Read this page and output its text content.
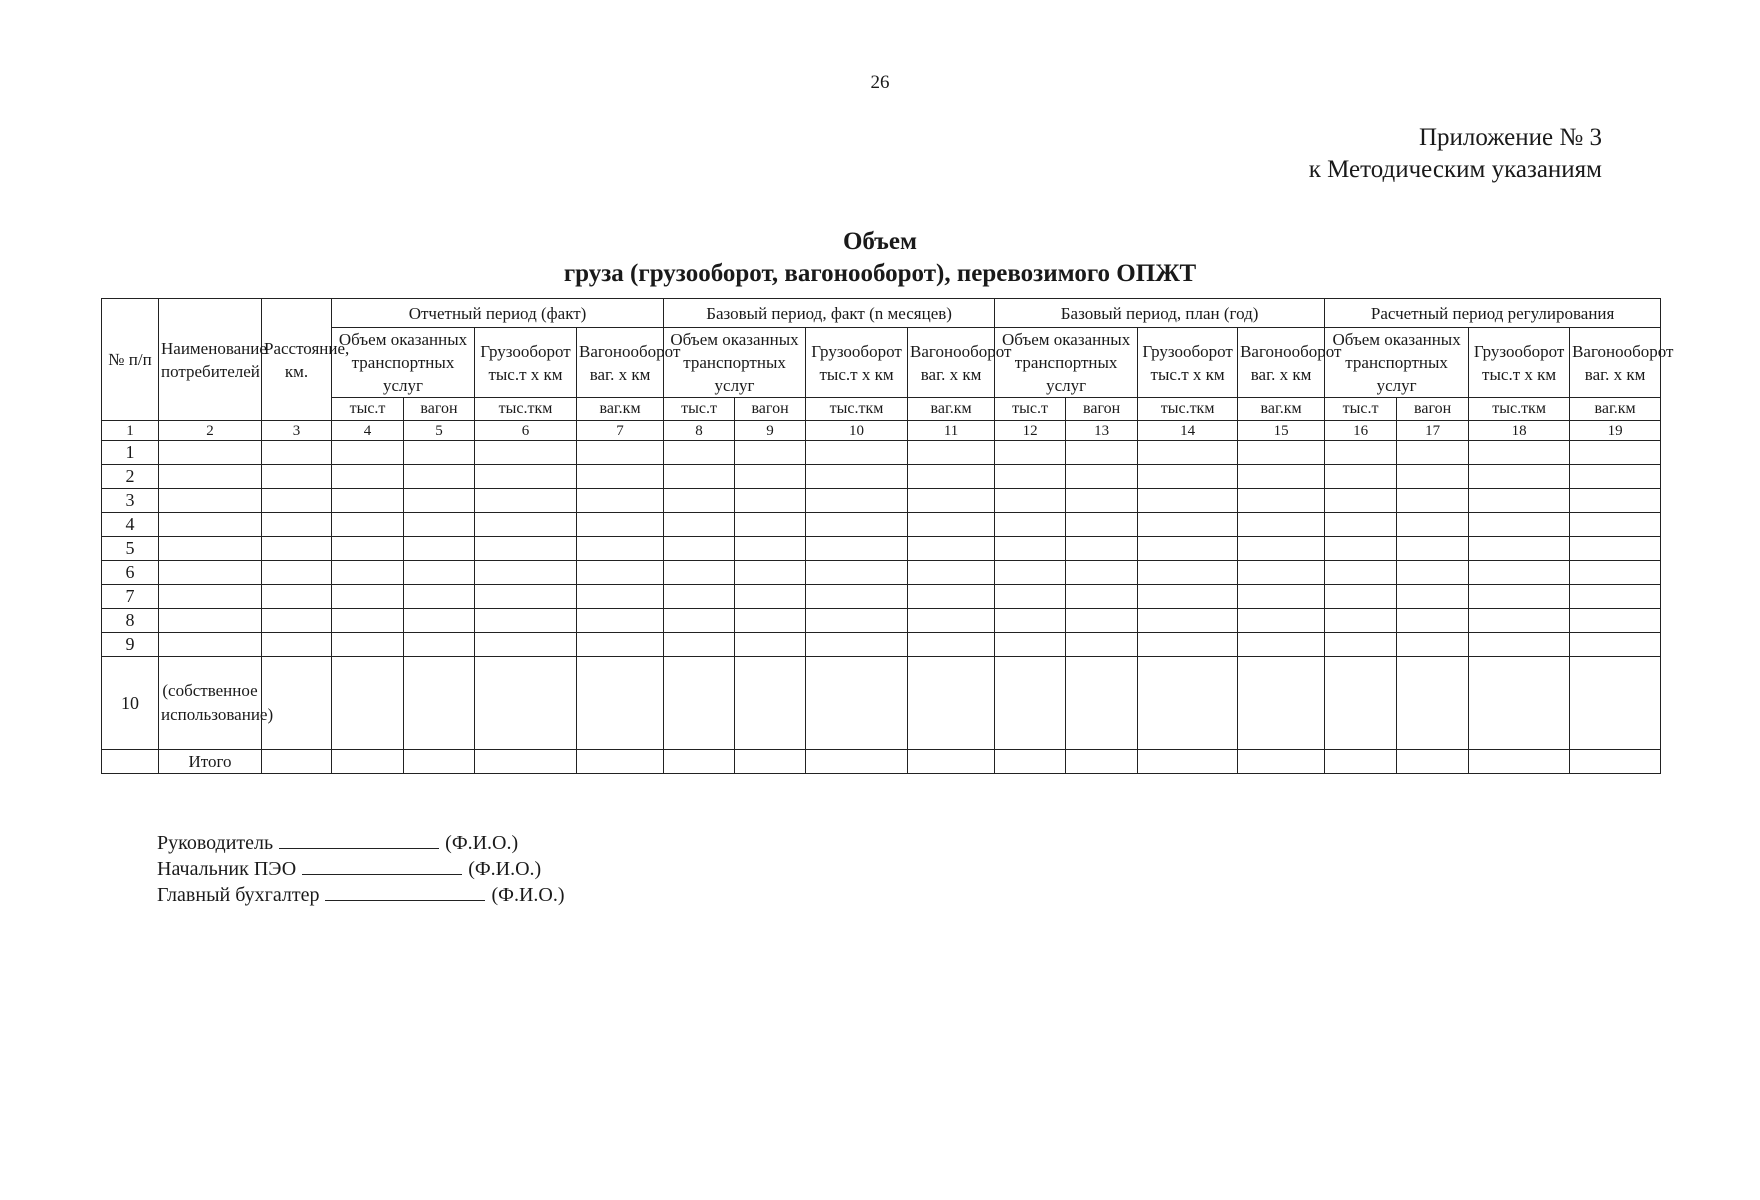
26
Приложение № 3
к Методическим указаниям
Объем
груза (грузооборот, вагонооборот), перевозимого ОПЖТ
№ п/п	Наименование потребителей	Расстояние, км.	Отчетный период (факт)				Базовый период, факт (n месяцев)				Базовый период, план (год)				Расчетный период регулирования			
			Объем оказанных транспортных услуг		Грузооборот тыс.т х км	Вагонооборот ваг. х км	Объем оказанных транспортных услуг		Грузооборот тыс.т х км	Вагонооборот ваг. х км	Объем оказанных транспортных услуг		Грузооборот тыс.т х км	Вагонооборот ваг. х км	Объем оказанных транспортных услуг		Грузооборот тыс.т х км	Вагонооборот ваг. х км
			тыс.т	вагон	тыс.ткм	ваг.км	тыс.т	вагон	тыс.ткм	ваг.км	тыс.т	вагон	тыс.ткм	ваг.км	тыс.т	вагон	тыс.ткм	ваг.км
1	2	3	4	5	6	7	8	9	10	11	12	13	14	15	16	17	18	19
1																		
2																		
3																		
4																		
5																		
6																		
7																		
8																		
9																		
10	(собственное использование)																	
	Итого																	
Руководитель	(Ф.И.О.)
Начальник ПЭО	(Ф.И.О.)
Главный бухгалтер	(Ф.И.О.)
